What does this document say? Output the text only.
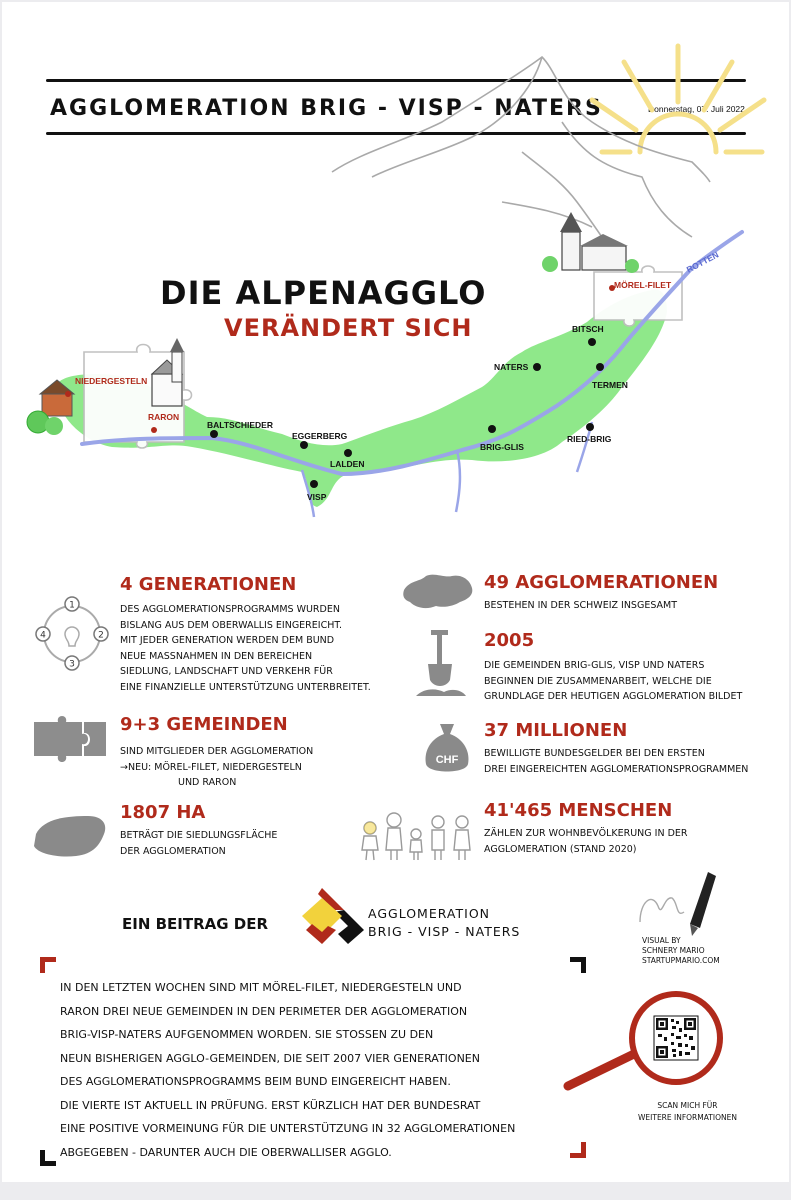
AGGLOMERATION BRIG - VISP - NATERS	Donnerstag, 07. Juli 2022
DIE ALPENAGGLO
VERÄNDERT SICH
NIEDERGESTELN
RARON
MÖREL-FILET
ROTTEN
BALTSCHIEDER
EGGERBERG
LALDEN
VISP
BRIG-GLIS
NATERS
BITSCH
TERMEN
RIED-BRIG
1
2
3
4
4 GENERATIONEN
DES AGGLOMERATIONSPROGRAMMS WURDEN
BISLANG AUS DEM OBERWALLIS EINGEREICHT.
MIT JEDER GENERATION WERDEN DEM BUND
NEUE MASSNAHMEN IN DEN BEREICHEN
SIEDLUNG, LANDSCHAFT UND VERKEHR FÜR
EINE FINANZIELLE UNTERSTÜTZUNG UNTERBREITET.
9+3 GEMEINDEN
SIND MITGLIEDER DER AGGLOMERATION
→NEU: MÖREL-FILET, NIEDERGESTELN
UND RARON
1807 HA
BETRÄGT DIE SIEDLUNGSFLÄCHE
DER AGGLOMERATION
49 AGGLOMERATIONEN
BESTEHEN IN DER SCHWEIZ INSGESAMT
2005
DIE GEMEINDEN BRIG-GLIS, VISP UND NATERS
BEGINNEN DIE ZUSAMMENARBEIT, WELCHE DIE
GRUNDLAGE DER HEUTIGEN AGGLOMERATION BILDET
CHF
37 MILLIONEN
BEWILLIGTE BUNDESGELDER BEI DEN ERSTEN
DREI EINGEREICHTEN AGGLOMERATIONSPROGRAMMEN
41'465 MENSCHEN
ZÄHLEN ZUR WOHNBEVÖLKERUNG IN DER
AGGLOMERATION (STAND 2020)
EIN BEITRAG DER
AGGLOMERATION
BRIG - VISP - NATERS
VISUAL BY
SCHNERY MARIO
STARTUPMARIO.COM
IN DEN LETZTEN WOCHEN SIND MIT MÖREL-FILET, NIEDERGESTELN UND
RARON DREI NEUE GEMEINDEN IN DEN PERIMETER DER AGGLOMERATION
BRIG-VISP-NATERS AUFGENOMMEN WORDEN. SIE STOSSEN ZU DEN
NEUN BISHERIGEN AGGLO-GEMEINDEN, DIE SEIT 2007 VIER GENERATIONEN
DES AGGLOMERATIONSPROGRAMMS BEIM BUND EINGEREICHT HABEN.
DIE VIERTE IST AKTUELL IN PRÜFUNG. ERST KÜRZLICH HAT DER BUNDESRAT
EINE POSITIVE VORMEINUNG FÜR DIE UNTERSTÜTZUNG IN 32 AGGLOMERATIONEN
ABGEGEBEN - DARUNTER AUCH DIE OBERWALLISER AGGLO.
SCAN MICH FÜR
WEITERE INFORMATIONEN
